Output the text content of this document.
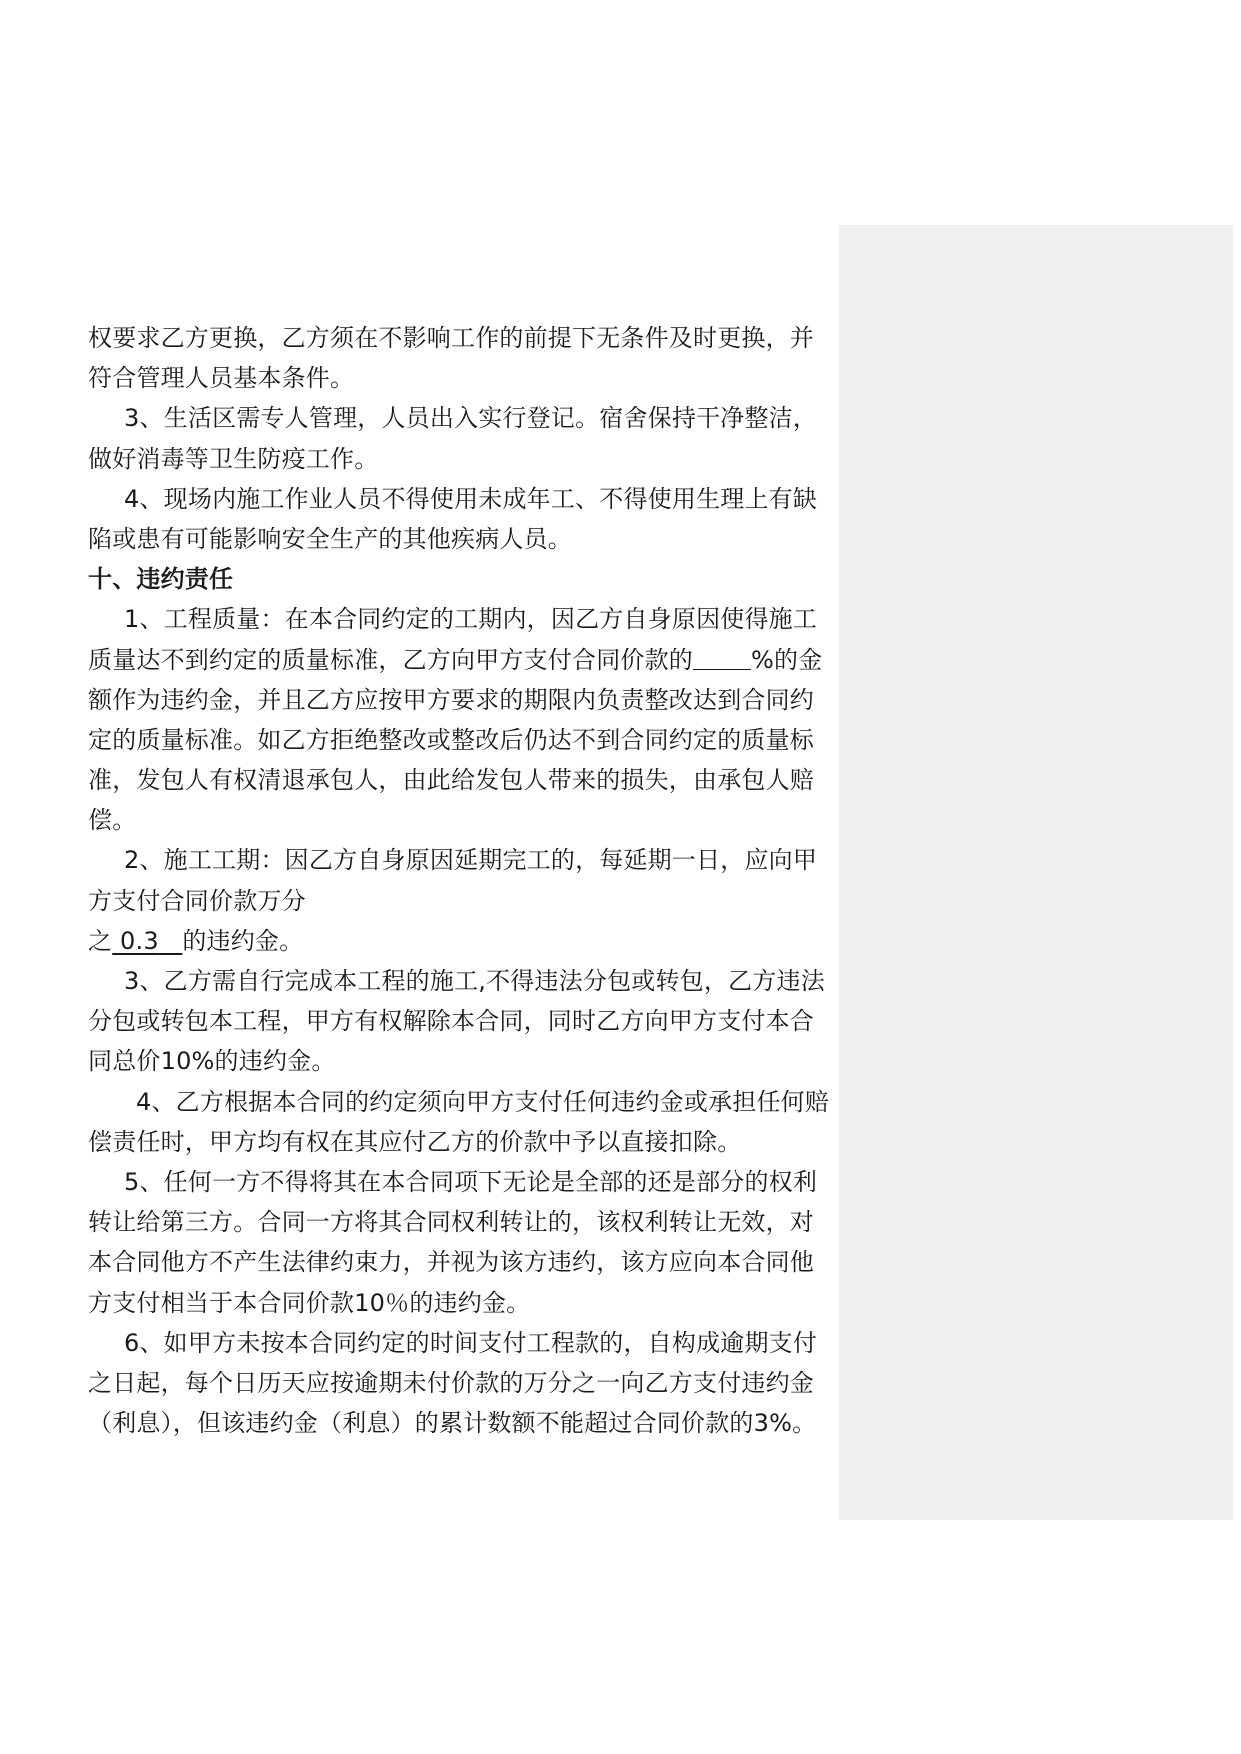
权要求乙方更换，乙方须在不影响工作的前提下无条件及时更换，并
符合管理人员基本条件。
3、生活区需专人管理，人员出入实行登记。宿舍保持干净整洁，
做好消毒等卫生防疫工作。
4、现场内施工作业人员不得使用未成年工、不得使用生理上有缺
陷或患有可能影响安全生产的其他疾病人员。
十、违约责任
1、工程质量：在本合同约定的工期内，因乙方自身原因使得施工
质量达不到约定的质量标准，乙方向甲方支付合同价款的 %的金
额作为违约金，并且乙方应按甲方要求的期限内负责整改达到合同约
定的质量标准。如乙方拒绝整改或整改后仍达不到合同约定的质量标
准，发包人有权清退承包人，由此给发包人带来的损失，由承包人赔
偿。
2、施工工期：因乙方自身原因延期完工的，每延期一日，应向甲
方支付合同价款万分
之 0.3 的违约金。
3、乙方需自行完成本工程的施工,不得违法分包或转包，乙方违法
分包或转包本工程，甲方有权解除本合同，同时乙方向甲方支付本合
同总价10%的违约金。
4、乙方根据本合同的约定须向甲方支付任何违约金或承担任何赔
偿责任时，甲方均有权在其应付乙方的价款中予以直接扣除。
5、任何一方不得将其在本合同项下无论是全部的还是部分的权利
转让给第三方。合同一方将其合同权利转让的，该权利转让无效，对
本合同他方不产生法律约束力，并视为该方违约，该方应向本合同他
方支付相当于本合同价款10％的违约金。
6、如甲方未按本合同约定的时间支付工程款的，自构成逾期支付
之日起，每个日历天应按逾期未付价款的万分之一向乙方支付违约金
（利息），但该违约金（利息）的累计数额不能超过合同价款的3%。
